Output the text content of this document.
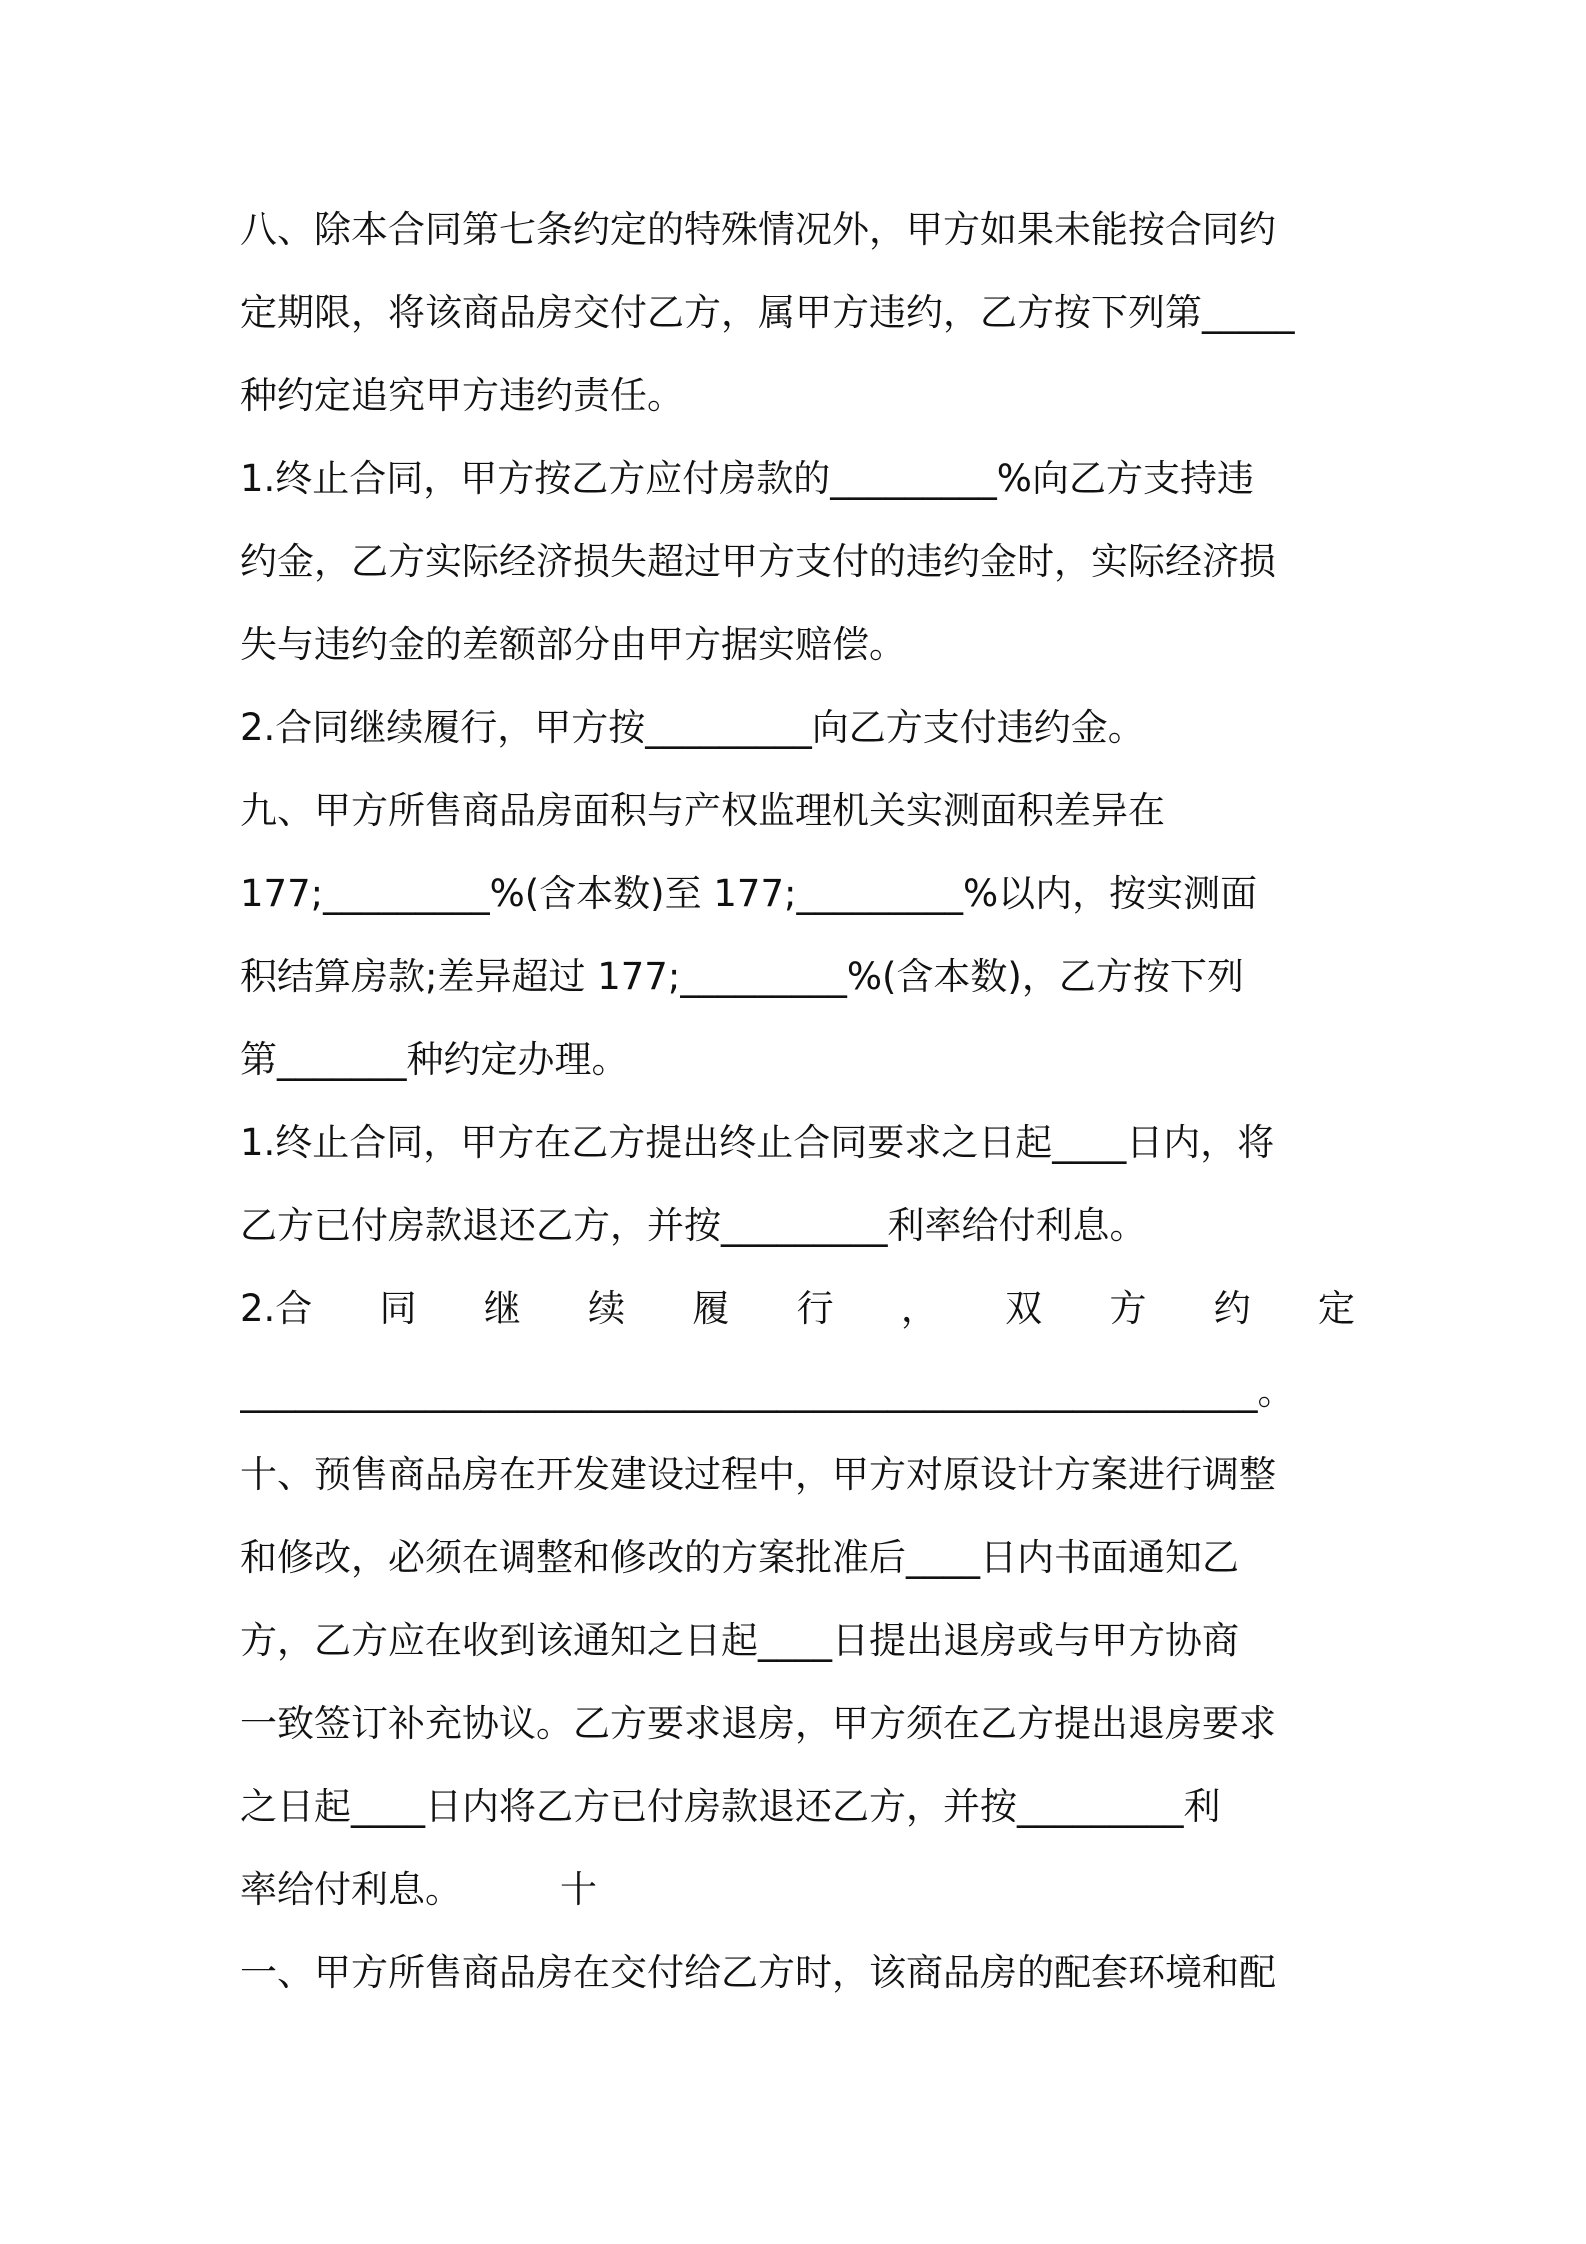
八、除本合同第七条约定的特殊情况外，甲方如果未能按合同约
定期限，将该商品房交付乙方，属甲方违约，乙方按下列第_____
种约定追究甲方违约责任。
1.终止合同，甲方按乙方应付房款的_________%向乙方支持违
约金，乙方实际经济损失超过甲方支付的违约金时，实际经济损
失与违约金的差额部分由甲方据实赔偿。
2.合同继续履行，甲方按_________向乙方支付违约金。
九、甲方所售商品房面积与产权监理机关实测面积差异在
177;_________%(含本数)至 177;_________%以内，按实测面
积结算房款;差异超过 177;_________%(含本数)，乙方按下列
第_______种约定办理。
1.终止合同，甲方在乙方提出终止合同要求之日起____日内，将
乙方已付房款退还乙方，并按_________利率给付利息。
2.合 同 继 续 履 行 ， 双 方 约 定
_______________________________________________________。
十、预售商品房在开发建设过程中，甲方对原设计方案进行调整
和修改，必须在调整和修改的方案批准后____日内书面通知乙
方，乙方应在收到该通知之日起____日提出退房或与甲方协商
一致签订补充协议。乙方要求退房，甲方须在乙方提出退房要求
之日起____日内将乙方已付房款退还乙方，并按_________利
率给付利息。	十
一、甲方所售商品房在交付给乙方时，该商品房的配套环境和配
